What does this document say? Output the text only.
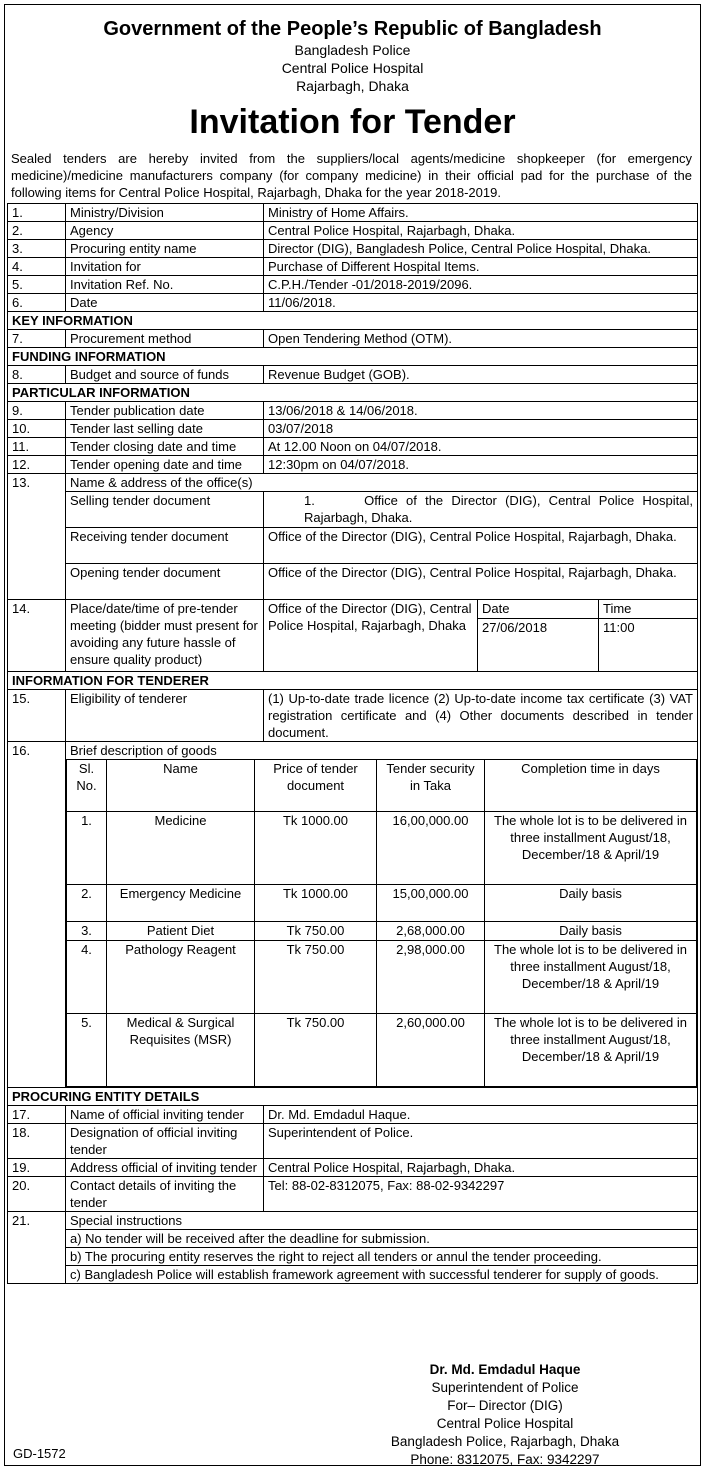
Government of the People’s Republic of Bangladesh
Bangladesh Police
Central Police Hospital
Rajarbagh, Dhaka
Invitation for Tender
Sealed tenders are hereby invited from the suppliers/local agents/medicine shopkeeper (for emergency medicine)/medicine manufacturers company (for company medicine) in their official pad for the purchase of the following items for Central Police Hospital, Rajarbagh, Dhaka for the year 2018-2019.
1.	Ministry/Division	Ministry of Home Affairs.
2.	Agency	Central Police Hospital, Rajarbagh, Dhaka.
3.	Procuring entity name	Director (DIG), Bangladesh Police, Central Police Hospital, Dhaka.
4.	Invitation for	Purchase of Different Hospital Items.
5.	Invitation Ref. No.	C.P.H./Tender -01/2018-2019/2096.
6.	Date	11/06/2018.
KEY INFORMATION
7.	Procurement method	Open Tendering Method (OTM).
FUNDING INFORMATION
8.	Budget and source of funds	Revenue Budget (GOB).
PARTICULAR INFORMATION
9.	Tender publication date	13/06/2018 & 14/06/2018.
10.	Tender last selling date	03/07/2018
11.	Tender closing date and time	At 12.00 Noon on 04/07/2018.
12.	Tender opening date and time	12:30pm on 04/07/2018.
13.	Name & address of the office(s)
Selling tender document	1.	Office of the Director (DIG), Central Police Hospital, Rajarbagh, Dhaka.
Receiving tender document	Office of the Director (DIG), Central Police Hospital, Rajarbagh, Dhaka.
Opening tender document	Office of the Director (DIG), Central Police Hospital, Rajarbagh, Dhaka.
14.	Place/date/time of pre-tender meeting (bidder must present for avoiding any future hassle of ensure quality product)	
Office of the Director (DIG), Central Police Hospital, Rajarbagh, Dhaka	Date	Time
27/06/2018	11:00

INFORMATION FOR TENDERER
15.	Eligibility of tenderer	(1) Up-to-date trade licence (2) Up-to-date income tax certificate (3) VAT registration certificate and (4) Other documents described in tender document.
16.	Brief description of goods
Sl. No.	Name	Price of tender document	Tender security in Taka	Completion time in days
1.	Medicine	Tk 1000.00	16,00,000.00	The whole lot is to be delivered in three installment August/18, December/18 & April/19
2.	Emergency Medicine	Tk 1000.00	15,00,000.00	Daily basis
3.	Patient Diet	Tk 750.00	2,68,000.00	Daily basis
4.	Pathology Reagent	Tk 750.00	2,98,000.00	The whole lot is to be delivered in three installment August/18, December/18 & April/19
5.	Medical & Surgical Requisites (MSR)	Tk 750.00	2,60,000.00	The whole lot is to be delivered in three installment August/18, December/18 & April/19

PROCURING ENTITY DETAILS
17.	Name of official inviting tender	Dr. Md. Emdadul Haque.
18.	Designation of official inviting tender	Superintendent of Police.
19.	Address official of inviting tender	Central Police Hospital, Rajarbagh, Dhaka.
20.	Contact details of inviting the tender	Tel: 88-02-8312075, Fax: 88-02-9342297
21.	Special instructions
a) No tender will be received after the deadline for submission.
b) The procuring entity reserves the right to reject all tenders or annul the tender proceeding.
c) Bangladesh Police will establish framework agreement with successful tenderer for supply of goods.
Dr. Md. Emdadul Haque
Superintendent of Police
For– Director (DIG)
Central Police Hospital
Bangladesh Police, Rajarbagh, Dhaka
Phone: 8312075, Fax: 9342297
GD-1572
